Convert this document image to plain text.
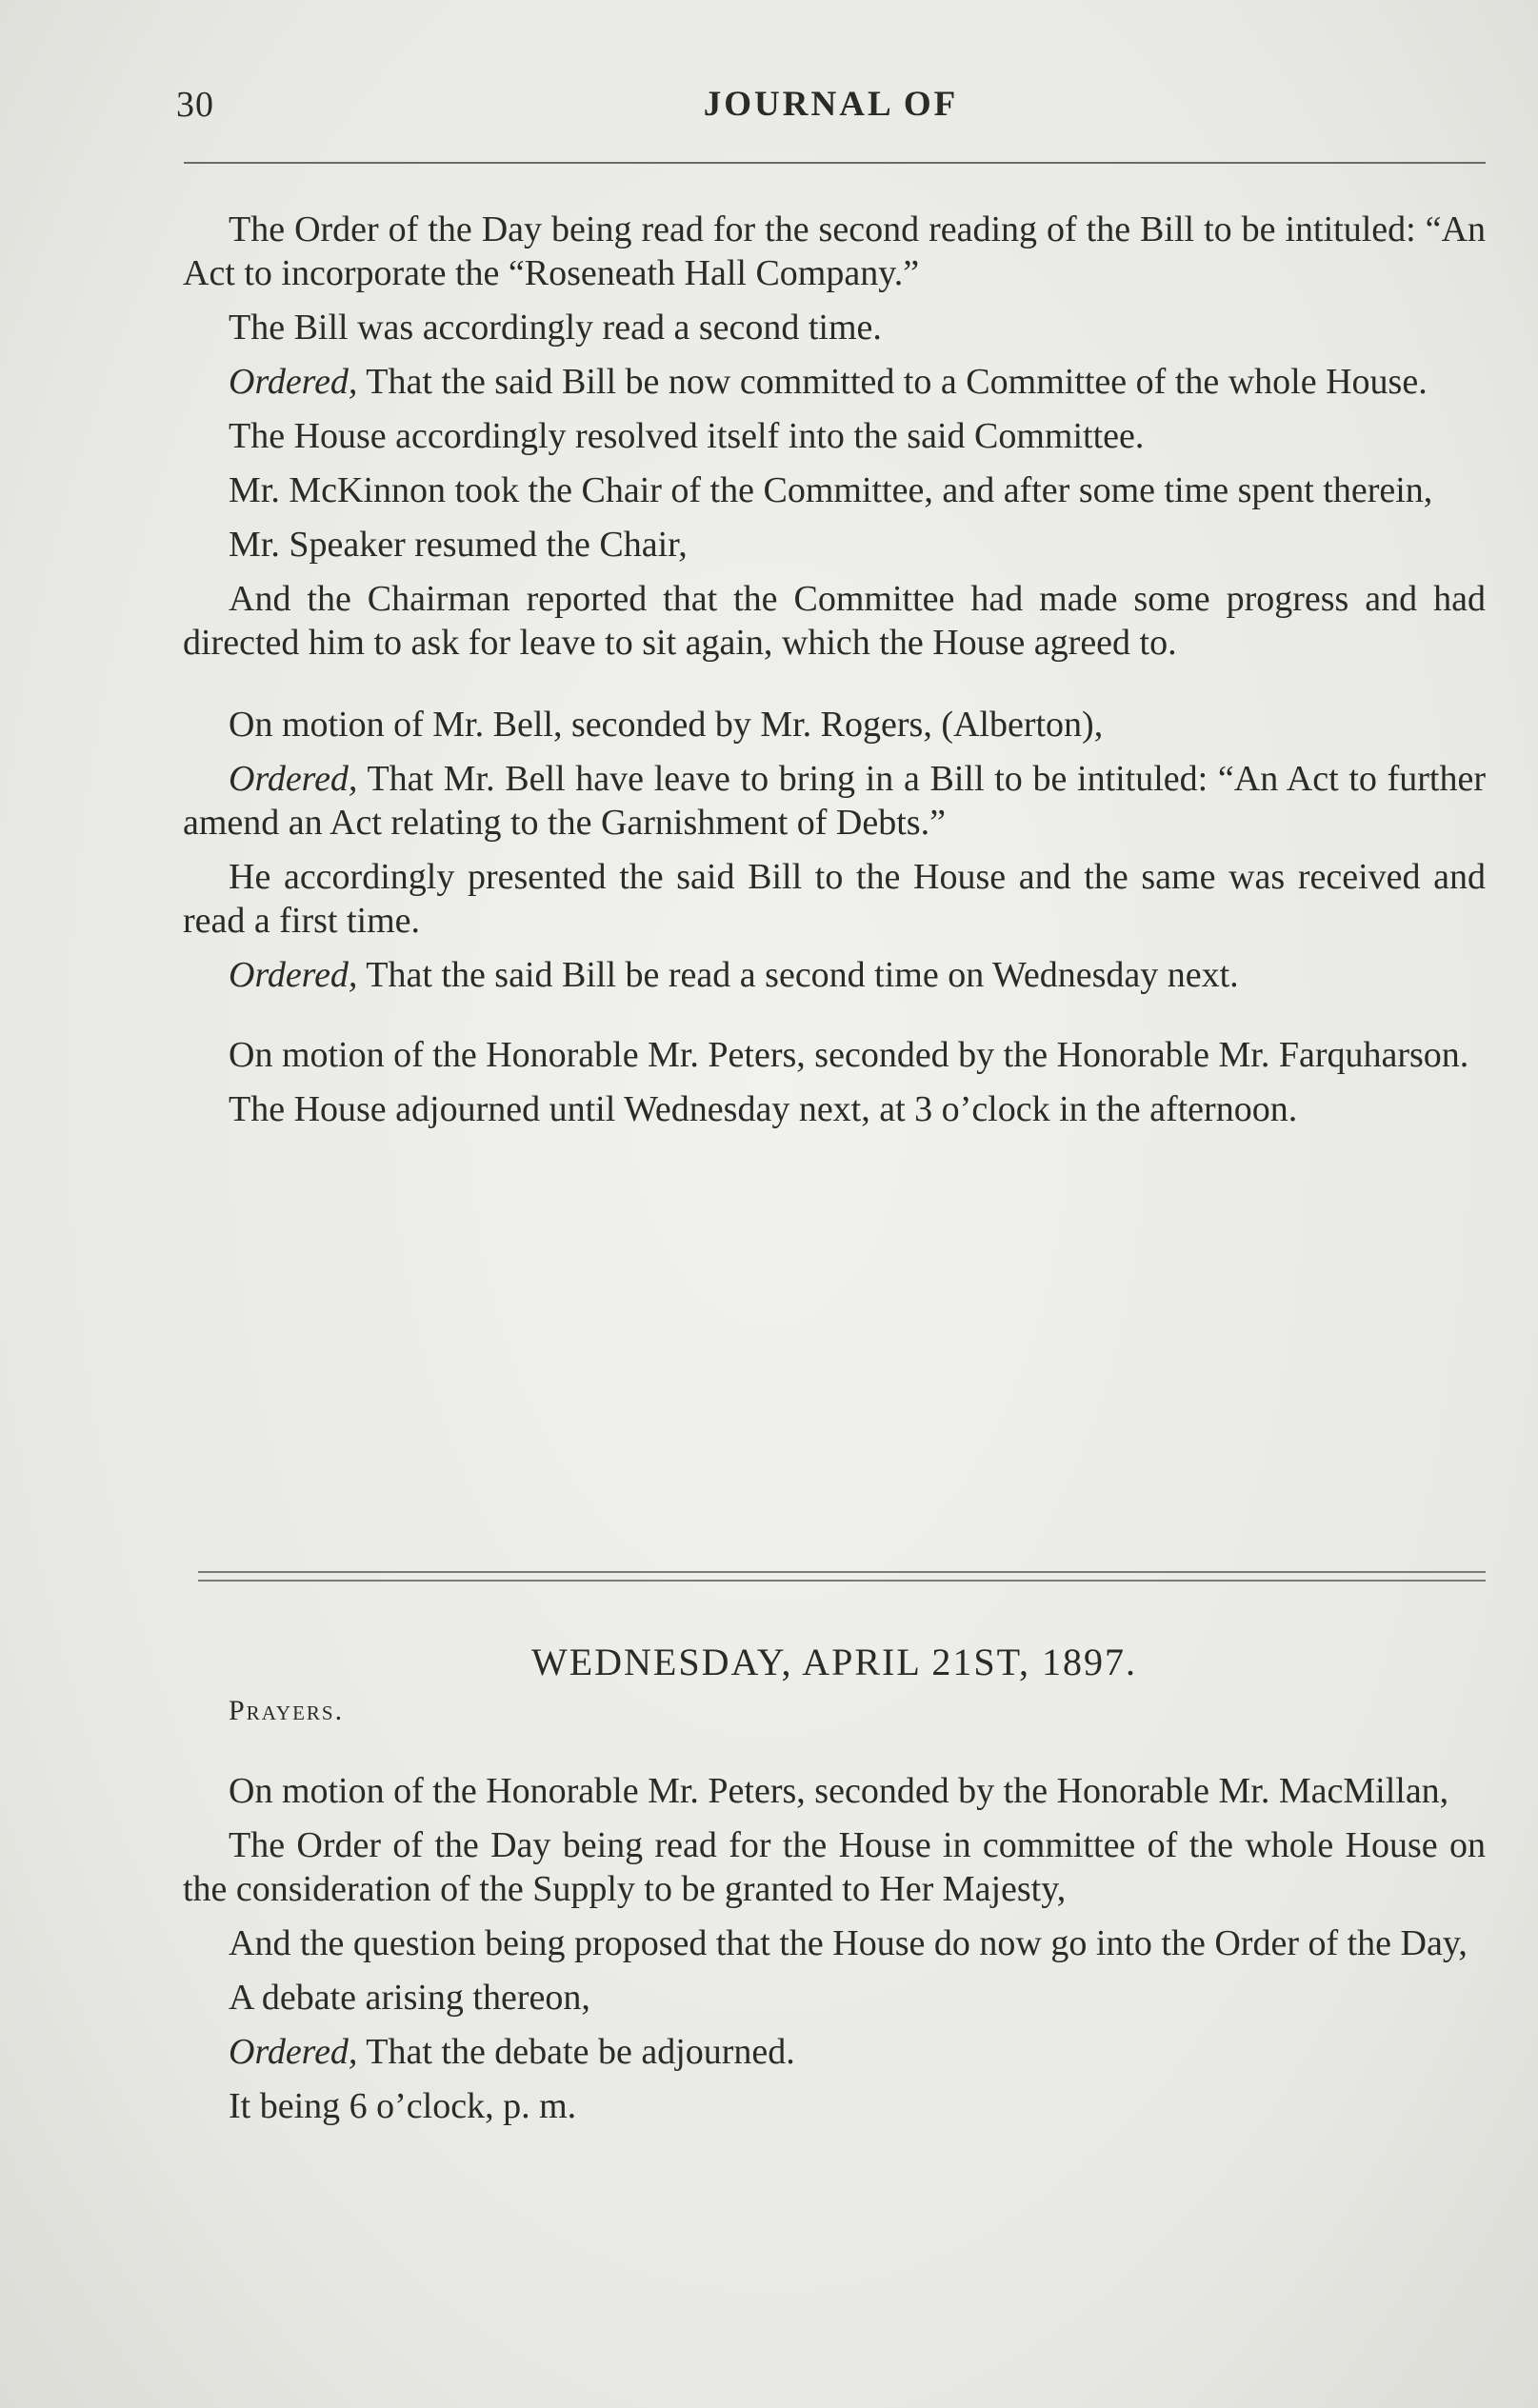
30	JOURNAL OF

The Order of the Day being read for the second reading of the Bill to be intituled: “An Act to incorporate the “Roseneath Hall Company.”

The Bill was accordingly read a second time.

Ordered, That the said Bill be now committed to a Committee of the whole House.

The House accordingly resolved itself into the said Committee.

Mr. McKinnon took the Chair of the Committee, and after some time spent therein,

Mr. Speaker resumed the Chair,

And the Chairman reported that the Committee had made some progress and had directed him to ask for leave to sit again, which the House agreed to.

On motion of Mr. Bell, seconded by Mr. Rogers, (Alberton),

Ordered, That Mr. Bell have leave to bring in a Bill to be intituled: “An Act to further amend an Act relating to the Garnishment of Debts.”

He accordingly presented the said Bill to the House and the same was received and read a first time.

Ordered, That the said Bill be read a second time on Wednesday next.

On motion of the Honorable Mr. Peters, seconded by the Honorable Mr. Farquharson.

The House adjourned until Wednesday next, at 3 o’clock in the afternoon.

WEDNESDAY, APRIL 21ST, 1897.
Prayers.

On motion of the Honorable Mr. Peters, seconded by the Honorable Mr. MacMillan,

The Order of the Day being read for the House in committee of the whole House on the consideration of the Supply to be granted to Her Majesty,

And the question being proposed that the House do now go into the Order of the Day,

A debate arising thereon,

Ordered, That the debate be adjourned.

It being 6 o’clock, p. m.
